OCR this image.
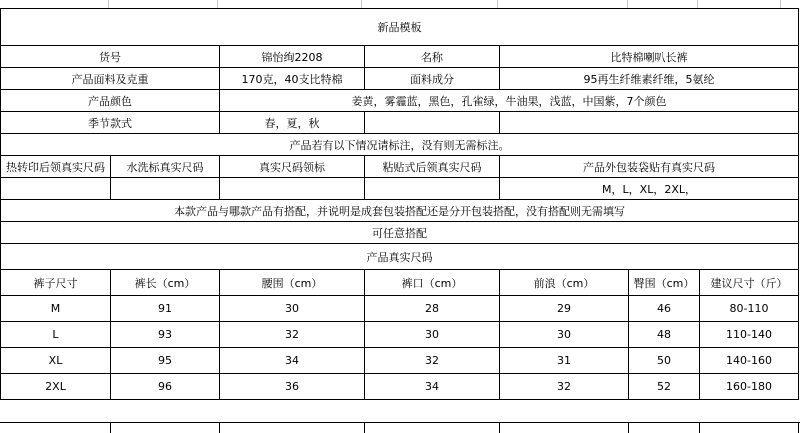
新品模板						
货号		锦怡绚2208	名称	比特棉喇叭长裤		
产品面料及克重		170克，40支比特棉	面料成分	95再生纤维素纤维，5氨纶		
产品颜色		姜黄，雾霾蓝，黑色，孔雀绿，牛油果，浅蓝，中国紫，7个颜色				
季节款式		春，夏，秋				
产品若有以下情况请标注，没有则无需标注。						
热转印后领真实尺码	水洗标真实尺码	真实尺码领标	粘贴式后领真实尺码	产品外包装袋贴有真实尺码		
				M，L，XL，2XL，		
本款产品与哪款产品有搭配，并说明是成套包装搭配还是分开包装搭配，没有搭配则无需填写						
可任意搭配						
产品真实尺码						
裤子尺寸	裤长（cm）	腰围（cm）	裤口（cm）	前浪（cm）	臀围（cm）	建议尺寸（斤）
M	91	30	28	29	46	80-110
L	93	32	30	30	48	110-140
XL	95	34	32	31	50	140-160
2XL	96	36	34	32	52	160-180
